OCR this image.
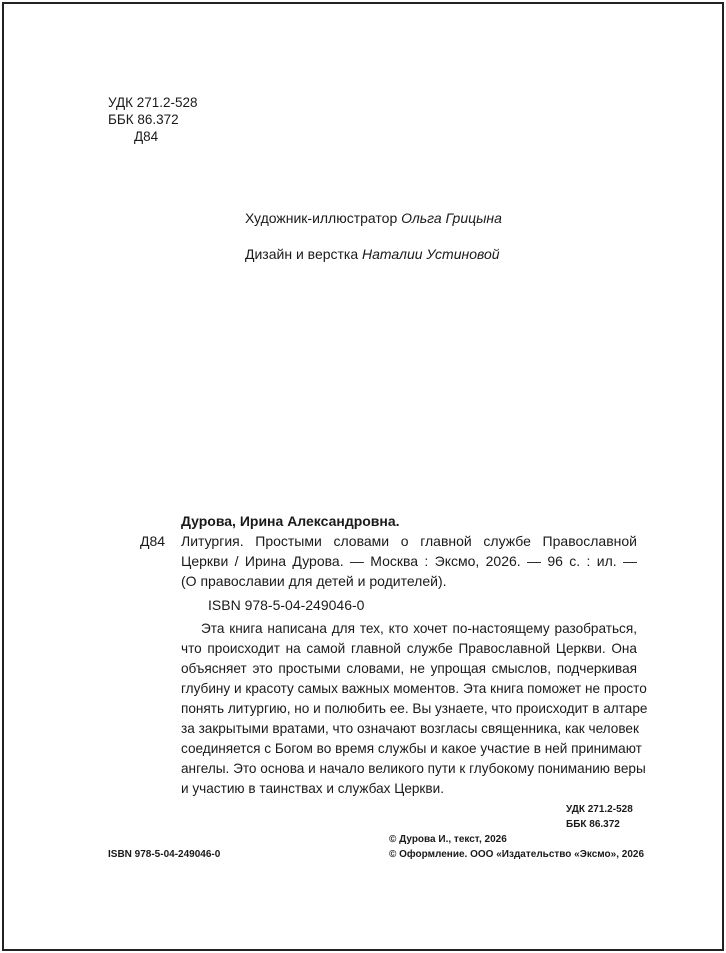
УДК 271.2-528
ББК 86.372
Д84
Художник-иллюстратор Ольга Грицына
Дизайн и верстка Наталии Устиновой
Дурова, Ирина Александровна.
Д84 Литургия. Простыми словами о главной службе Православной
Церкви / Ирина Дурова. — Москва : Эксмо, 2026. — 96 с. : ил. —
(О православии для детей и родителей).
ISBN 978-5-04-249046-0
Эта книга написана для тех, кто хочет по-настоящему разобраться,
что происходит на самой главной службе Православной Церкви. Она
объясняет это простыми словами, не упрощая смыслов, подчеркивая
глубину и красоту самых важных моментов. Эта книга поможет не просто
понять литургию, но и полюбить ее. Вы узнаете, что происходит в алтаре
за закрытыми вратами, что означают возгласы священника, как человек
соединяется с Богом во время службы и какое участие в ней принимают
ангелы. Это основа и начало великого пути к глубокому пониманию веры
и участию в таинствах и службах Церкви.
УДК 271.2-528
ББК 86.372
ISBN 978-5-04-249046-0
© Дурова И., текст, 2026
© Оформление. ООО «Издательство «Эксмо», 2026
